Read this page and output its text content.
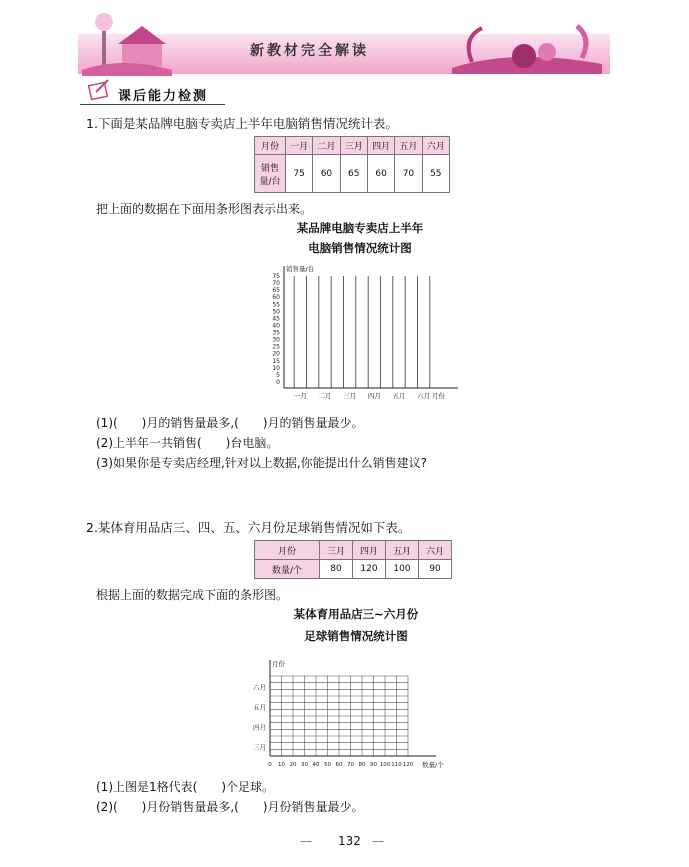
新教材完全解读
课后能力检测
1.下面是某品牌电脑专卖店上半年电脑销售情况统计表。
月份	一月	二月	三月	四月	五月	六月
销售
量/台	75	60	65	60	70	55
把上面的数据在下面用条形图表示出来。
某品牌电脑专卖店上半年
电脑销售情况统计图
销售量/台
75
70
65
60
55
50
45
40
35
30
25
20
15
10
5
0
一月 二月 三月 四月 五月 六月 月份
(1)(　　)月的销售量最多,(　　)月的销售量最少。
(2)上半年一共销售(　　)台电脑。
(3)如果你是专卖店经理,针对以上数据,你能提出什么销售建议?
2.某体育用品店三、四、五、六月份足球销售情况如下表。
月份	三月	四月	五月	六月
数量/个	80	120	100	90
根据上面的数据完成下面的条形图。
某体育用品店三~六月份
足球销售情况统计图
月份
六月
五月
四月
三月
0 10 20 30 40 50 60 70 80 90 100 110 120 数量/个
(1)上图是1格代表(　　)个足球。
(2)(　　)月份销售量最多,(　　)月份销售量最少。
— 132 —
